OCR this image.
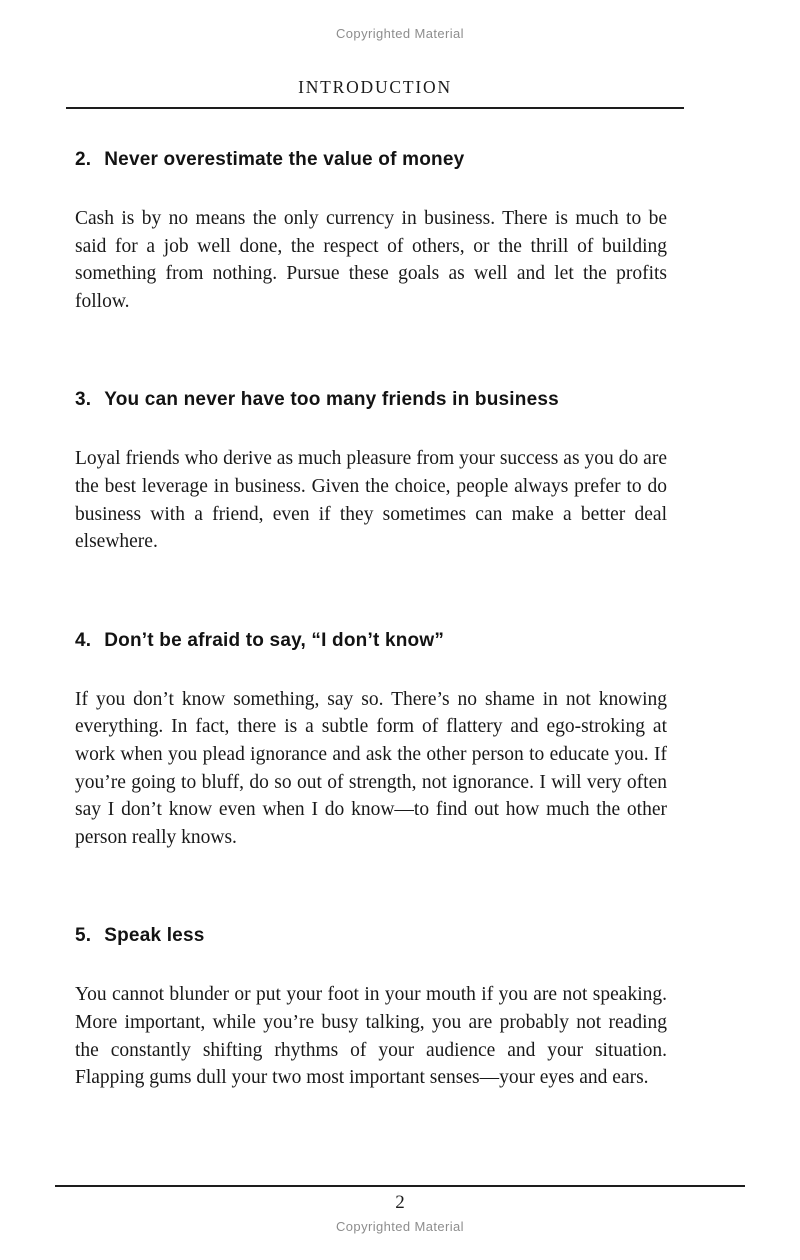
Copyrighted Material
INTRODUCTION
2. Never overestimate the value of money

Cash is by no means the only currency in business. There is much to be said for a job well done, the respect of others, or the thrill of building something from nothing. Pursue these goals as well and let the profits follow.

3. You can never have too many friends in business

Loyal friends who derive as much pleasure from your success as you do are the best leverage in business. Given the choice, people always prefer to do business with a friend, even if they sometimes can make a better deal elsewhere.

4. Don’t be afraid to say, “I don’t know”

If you don’t know something, say so. There’s no shame in not knowing everything. In fact, there is a subtle form of flattery and ego-stroking at work when you plead ignorance and ask the other person to educate you. If you’re going to bluff, do so out of strength, not ignorance. I will very often say I don’t know even when I do know—to find out how much the other person really knows.

5. Speak less

You cannot blunder or put your foot in your mouth if you are not speaking. More important, while you’re busy talking, you are probably not reading the constantly shifting rhythms of your audience and your situation. Flapping gums dull your two most important senses—your eyes and ears.

2
Copyrighted Material
